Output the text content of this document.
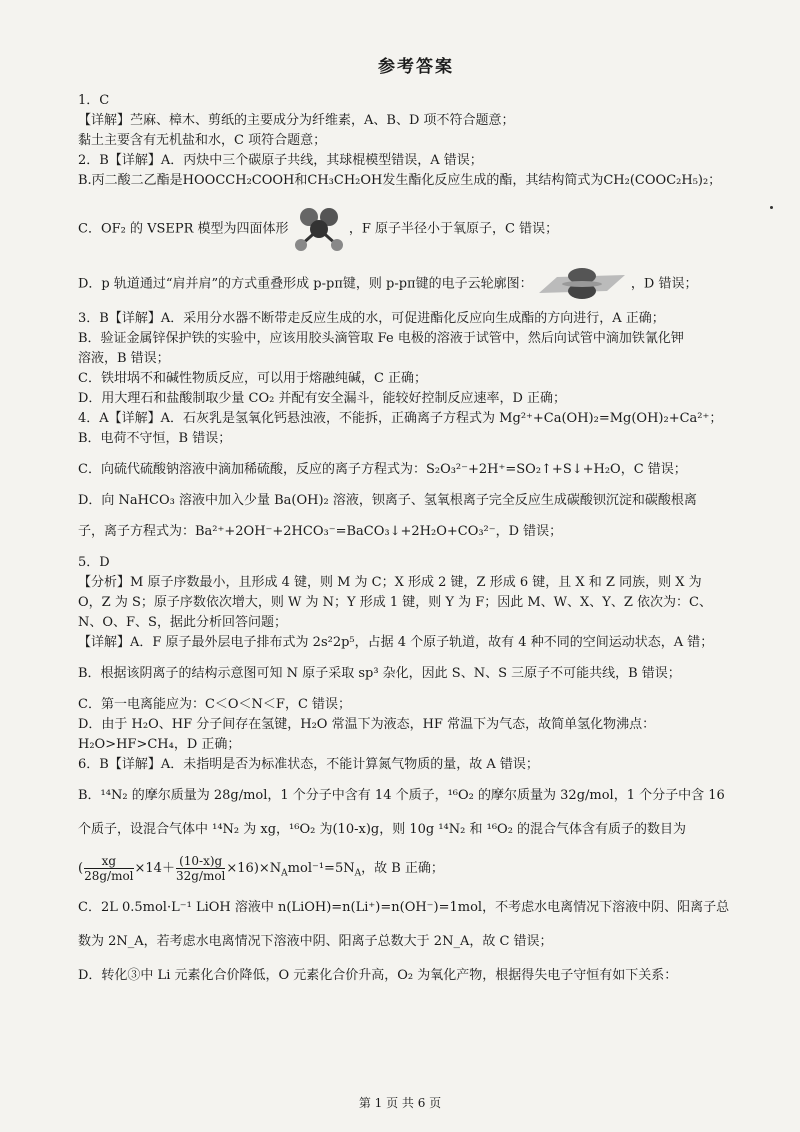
参考答案

1．C

【详解】苎麻、樟木、剪纸的主要成分为纤维素，A、B、D 项不符合题意；

黏土主要含有无机盐和水，C 项符合题意；

2．B【详解】A．丙炔中三个碳原子共线，其球棍模型错误，A 错误；

B.丙二酸二乙酯是HOOCCH₂COOH和CH₃CH₂OH发生酯化反应生成的酯，其结构简式为CH₂(COOC₂H₅)₂；

C．OF₂ 的 VSEPR 模型为四面体形	，F 原子半径小于氧原子，C 错误；

D．p 轨道通过“肩并肩”的方式重叠形成 p-pπ键，则 p-pπ键的电子云轮廓图：	，D 错误；

3．B【详解】A．采用分水器不断带走反应生成的水，可促进酯化反应向生成酯的方向进行，A 正确；

B．验证金属锌保护铁的实验中，应该用胶头滴管取 Fe 电极的溶液于试管中，然后向试管中滴加铁氰化钾

溶液，B 错误；

C．铁坩埚不和碱性物质反应，可以用于熔融纯碱，C 正确；

D．用大理石和盐酸制取少量 CO₂ 并配有安全漏斗，能较好控制反应速率，D 正确；

4．A【详解】A．石灰乳是氢氧化钙悬浊液，不能拆，正确离子方程式为 Mg²⁺+Ca(OH)₂=Mg(OH)₂+Ca²⁺；

B．电荷不守恒，B 错误；

C．向硫代硫酸钠溶液中滴加稀硫酸，反应的离子方程式为：S₂O₃²⁻+2H⁺=SO₂↑+S↓+H₂O，C 错误；

D．向 NaHCO₃ 溶液中加入少量 Ba(OH)₂ 溶液，钡离子、氢氧根离子完全反应生成碳酸钡沉淀和碳酸根离

子，离子方程式为：Ba²⁺+2OH⁻+2HCO₃⁻=BaCO₃↓+2H₂O+CO₃²⁻，D 错误；

5．D

【分析】M 原子序数最小，且形成 4 键，则 M 为 C；X 形成 2 键，Z 形成 6 键，且 X 和 Z 同族，则 X 为

O，Z 为 S；原子序数依次增大，则 W 为 N；Y 形成 1 键，则 Y 为 F；因此 M、W、X、Y、Z 依次为：C、

N、O、F、S，据此分析回答问题；

【详解】A．F 原子最外层电子排布式为 2s²2p⁵，占据 4 个原子轨道，故有 4 种不同的空间运动状态，A 错；

B．根据该阴离子的结构示意图可知 N 原子采取 sp³ 杂化，因此 S、N、S 三原子不可能共线，B 错误；

C．第一电离能应为：C＜O＜N＜F，C 错误；

D．由于 H₂O、HF 分子间存在氢键，H₂O 常温下为液态，HF 常温下为气态，故简单氢化物沸点：

H₂O>HF>CH₄，D 正确；

6．B【详解】A．未指明是否为标准状态，不能计算氮气物质的量，故 A 错误；

B．¹⁴N₂ 的摩尔质量为 28g/mol，1 个分子中含有 14 个质子，¹⁶O₂ 的摩尔质量为 32g/mol，1 个分子中含 16

个质子，设混合气体中 ¹⁴N₂ 为 xg，¹⁶O₂ 为(10-x)g，则 10g ¹⁴N₂ 和 ¹⁶O₂ 的混合气体含有质子的数目为

( $\frac{xg}{\text{28g/mol}} \times 14+ \frac{(10-x)g}{\text{32g/mol}} \times 16)\times N_Amol^{-1}=5N_A$，故 B 正确；

C．2L 0.5mol·L⁻¹ LiOH 溶液中 n(LiOH)=n(Li⁺)=n(OH⁻)=1mol，不考虑水电离情况下溶液中阴、阳离子总

数为 2N_A，若考虑水电离情况下溶液中阴、阳离子总数大于 2N_A，故 C 错误；

D．转化③中 Li 元素化合价降低，O 元素化合价升高，O₂ 为氧化产物，根据得失电子守恒有如下关系：

第 1 页 共 6 页
